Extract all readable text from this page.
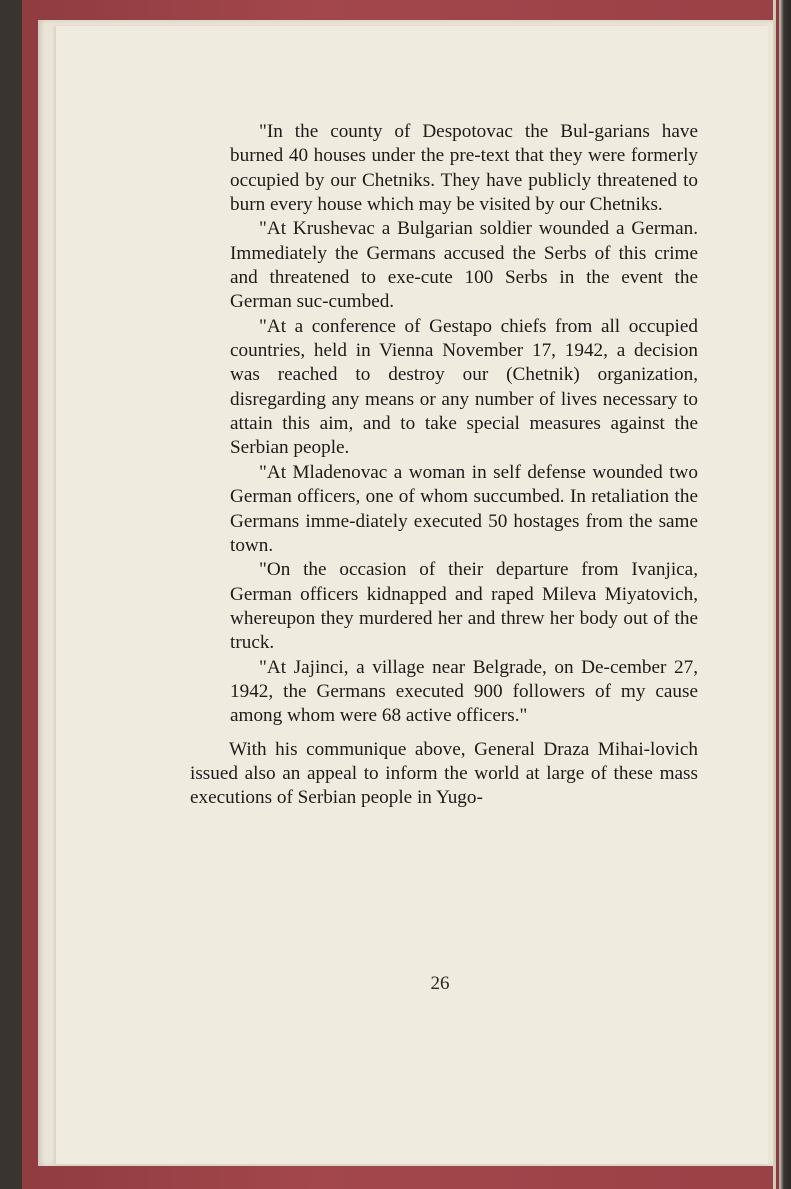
"In the county of Despotovac the Bul-garians have burned 40 houses under the pre-text that they were formerly occupied by our Chetniks. They have publicly threatened to burn every house which may be visited by our Chetniks.

"At Krushevac a Bulgarian soldier wounded a German. Immediately the Germans accused the Serbs of this crime and threatened to exe-cute 100 Serbs in the event the German suc-cumbed.

"At a conference of Gestapo chiefs from all occupied countries, held in Vienna November 17, 1942, a decision was reached to destroy our (Chetnik) organization, disregarding any means or any number of lives necessary to attain this aim, and to take special measures against the Serbian people.

"At Mladenovac a woman in self defense wounded two German officers, one of whom succumbed. In retaliation the Germans imme-diately executed 50 hostages from the same town.

"On the occasion of their departure from Ivanjica, German officers kidnapped and raped Mileva Miyatovich, whereupon they murdered her and threw her body out of the truck.

"At Jajinci, a village near Belgrade, on De-cember 27, 1942, the Germans executed 900 followers of my cause among whom were 68 active officers."

With his communique above, General Draza Mihai-lovich issued also an appeal to inform the world at large of these mass executions of Serbian people in Yugo-

26
